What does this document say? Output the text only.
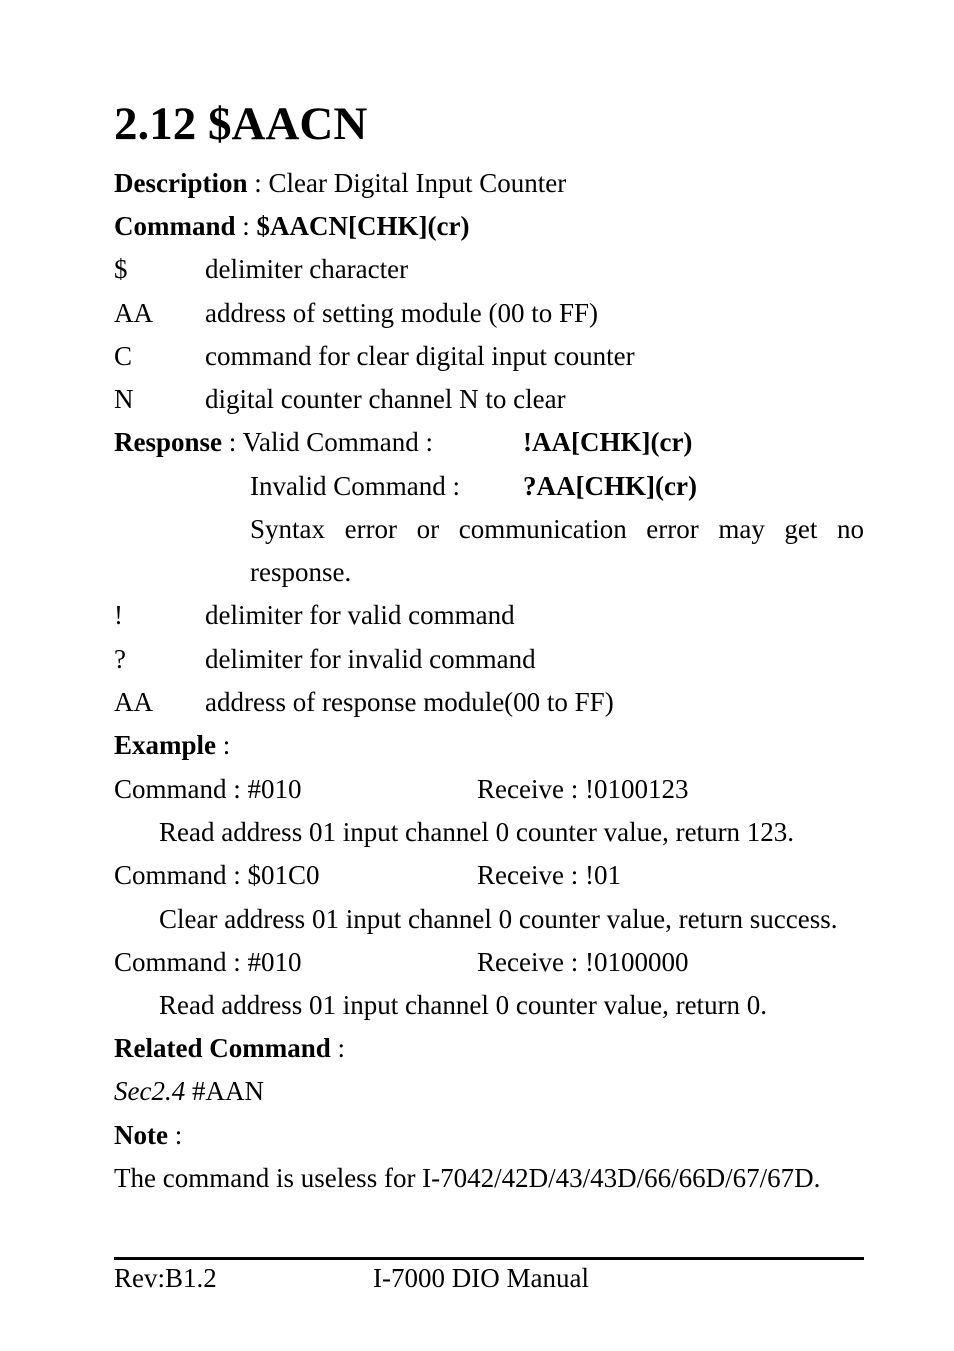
2.12 $AACN
Description : Clear Digital Input Counter
Command : $AACN[CHK](cr)
$	delimiter character
AA address of setting module (00 to FF)
C	command for clear digital input counter
N	digital counter channel N to clear
Response : Valid Command :	!AA[CHK](cr)
Invalid Command : ?AA[CHK](cr)
Syntax error or communication error may get no
response.
!	delimiter for valid command
?	delimiter for invalid command
AA address of response module(00 to FF)
Example :
Command : #010	Receive : !0100123
Read address 01 input channel 0 counter value, return 123.
Command : $01C0	Receive : !01
Clear address 01 input channel 0 counter value, return success.
Command : #010	Receive : !0100000
Read address 01 input channel 0 counter value, return 0.
Related Command :
Sec2.4 #AAN
Note :
The command is useless for I-7042/42D/43/43D/66/66D/67/67D.
Rev:B1.2	I-7000 DIO Manual
